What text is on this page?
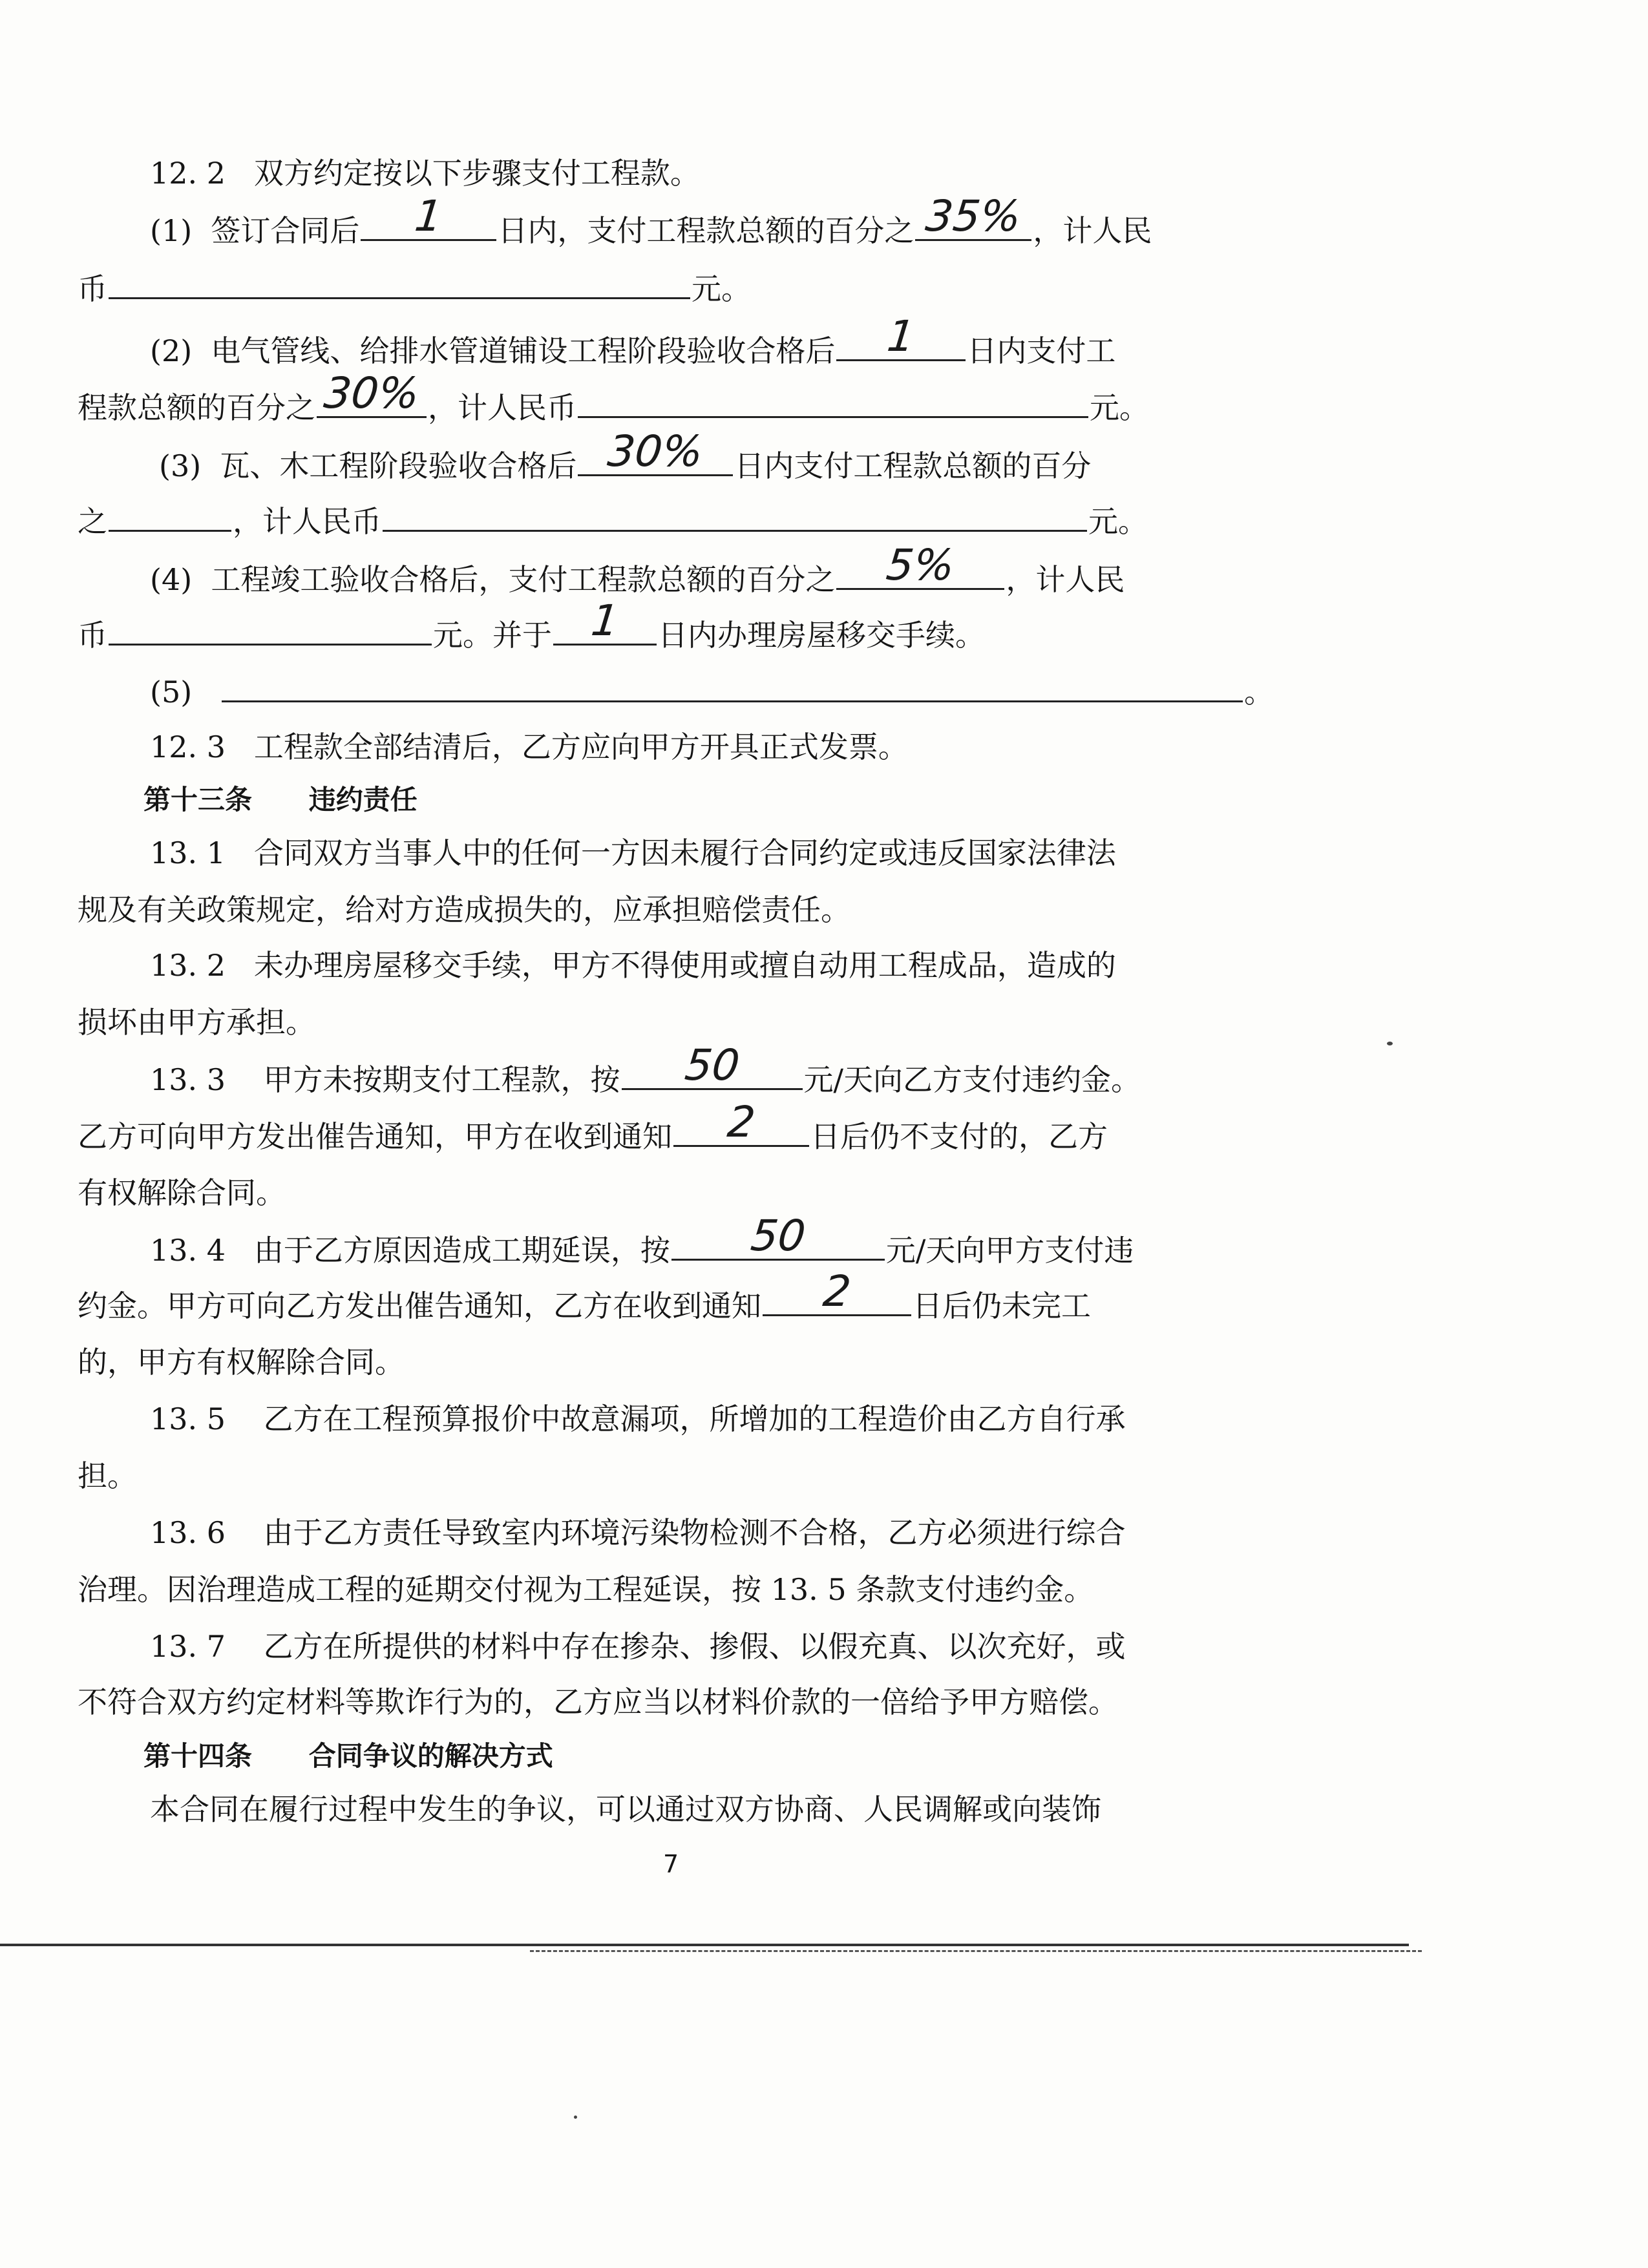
12. 2   双方约定按以下步骤支付工程款。

(1)  签订合同后	1	日内，支付工程款总额的百分之 35% ，计人民

币	元。

(2)  电气管线、给排水管道铺设工程阶段验收合格后	1	日内支付工

程款总额的百分之 30% ，计人民币	元。

(3)  瓦、木工程阶段验收合格后 30% 日内支付工程款总额的百分

之	，计人民币	元。

(4)  工程竣工验收合格后，支付工程款总额的百分之	5%	，计人民

币	元。并于 1	日内办理房屋移交手续。

(5)	。

12. 3   工程款全部结清后，乙方应向甲方开具正式发票。

第十三条      违约责任

13. 1   合同双方当事人中的任何一方因未履行合同约定或违反国家法律法

规及有关政策规定，给对方造成损失的，应承担赔偿责任。

13. 2   未办理房屋移交手续，甲方不得使用或擅自动用工程成品，造成的

损坏由甲方承担。

13. 3    甲方未按期支付工程款，按	50	元/天向乙方支付违约金。

乙方可向甲方发出催告通知，甲方在收到通知	2	日后仍不支付的，乙方

有权解除合同。

13. 4   由于乙方原因造成工期延误，按	50	元/天向甲方支付违

约金。甲方可向乙方发出催告通知，乙方在收到通知	2	日后仍未完工

的，甲方有权解除合同。

13. 5    乙方在工程预算报价中故意漏项，所增加的工程造价由乙方自行承

担。

13. 6    由于乙方责任导致室内环境污染物检测不合格，乙方必须进行综合

治理。因治理造成工程的延期交付视为工程延误，按 13. 5 条款支付违约金。

13. 7    乙方在所提供的材料中存在掺杂、掺假、以假充真、以次充好，或

不符合双方约定材料等欺诈行为的，乙方应当以材料价款的一倍给予甲方赔偿。

第十四条      合同争议的解决方式

本合同在履行过程中发生的争议，可以通过双方协商、人民调解或向装饰

7
